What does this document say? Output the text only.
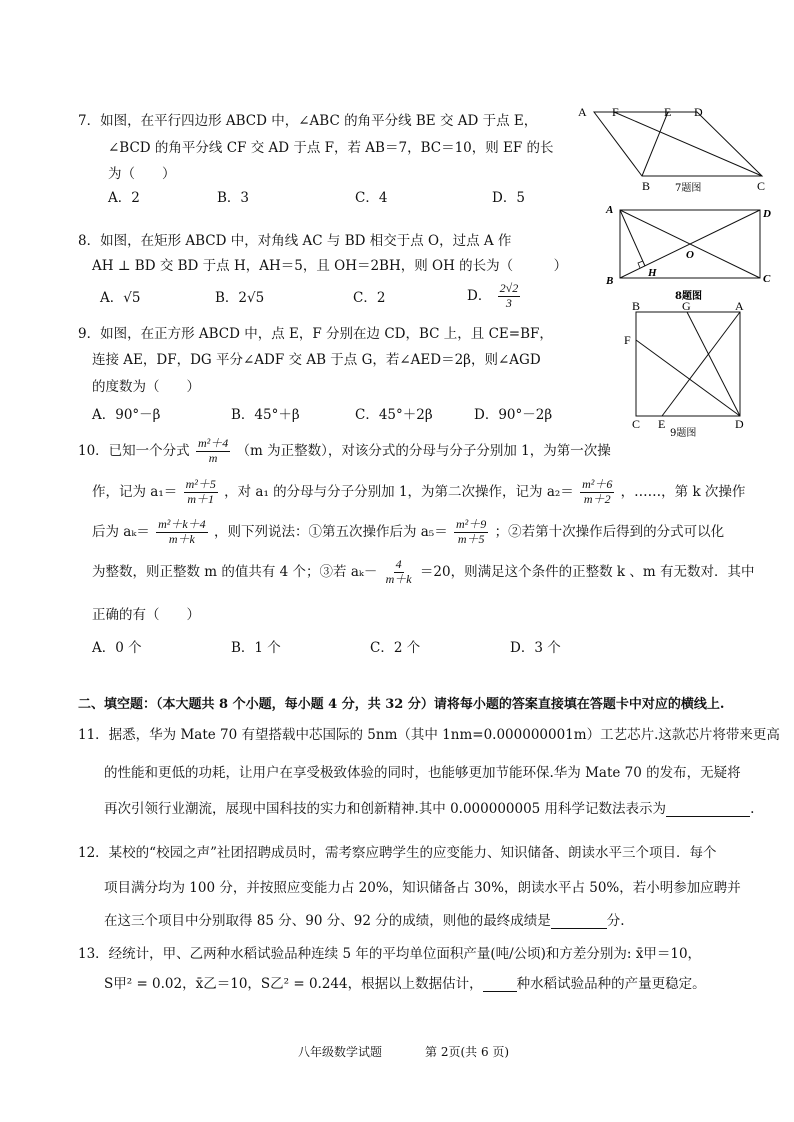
7．如图，在平行四边形 ABCD 中，∠ABC 的角平分线 BE 交 AD 于点 E，
∠BCD 的角平分线 CF 交 AD 于点 F，若 AB＝7，BC＝10，则 EF 的长
为（　　）
A．2	B．3	C．4	D．5
A F	E D
B	C
7题图
8．如图，在矩形 ABCD 中，对角线 AC 与 BD 相交于点 O，过点 A 作
AH ⊥ BD 交 BD 于点 H，AH＝5，且 OH＝2BH，则 OH 的长为（　　　）
A．√5	B．2√5	C．2	D． $\frac{2√2}{3}$
A	D
O
H
B	C
8题图
9．如图，在正方形 ABCD 中，点 E，F 分别在边 CD，BC 上，且 CE=BF，
连接 AE，DF，DG 平分∠ADF 交 AB 于点 G，若∠AED＝2β，则∠AGD
的度数为（　　）
A．90°－β	B．45°＋β	C．45°＋2β	D．90°－2β
B	G	A
F
C E	D
9题图
10．已知一个分式 $\frac{\text{m²＋4}}{m} (m$ 为正整数），对该分式的分母与分子分别加 1，为第一次操
作，记为 $a_1= \frac{\text{m²＋5}}{m+1}$ ，对 a₁ 的分母与分子分别加 1，为第二次操作，记为 $a_2= \frac{\text{m²＋6}}{m+2}$ ，……，第 k 次操作
后为 $a_k= \frac{\text{m²＋k＋4}}{m+k}$ ，则下列说法：①第五次操作后为 $a_5= \frac{\text{m²＋9}}{m+5}$ ；②若第十次操作后得到的分式可以化
为整数，则正整数 m 的值共有 4 个；③若 $a_k- \frac{4}{m+k} =20$，则满足这个条件的正整数 k 、m 有无数对．其中
正确的有（　　）
A．0 个	B．1 个	C．2 个	D．3 个
二、填空题：（本大题共 8 个小题，每小题 4 分，共 32 分）请将每小题的答案直接填在答题卡中对应的横线上.
11．据悉，华为 Mate 70 有望搭载中芯国际的 5nm（其中 1nm=0.000000001m）工艺芯片.这款芯片将带来更高
的性能和更低的功耗，让用户在享受极致体验的同时，也能够更加节能环保.华为 Mate 70 的发布，无疑将
再次引领行业潮流，展现中国科技的实力和创新精神.其中 0.000000005 用科学记数法表示为	.
12．某校的“校园之声”社团招聘成员时，需考察应聘学生的应变能力、知识储备、朗读水平三个项目．每个
项目满分均为 100 分，并按照应变能力占 20%，知识储备占 30%，朗读水平占 50%，若小明参加应聘并
在这三个项目中分别取得 85 分、90 分、92 分的成绩，则他的最终成绩是	分.
13．经统计，甲、乙两种水稻试验品种连续 5 年的平均单位面积产量(吨/公顷)和方差分别为: x̄甲＝10，
S甲² = 0.02，x̄乙＝10，S乙² = 0.244，根据以上数据估计，	种水稻试验品种的产量更稳定。
八年级数学试题	第 2页(共 6 页)
